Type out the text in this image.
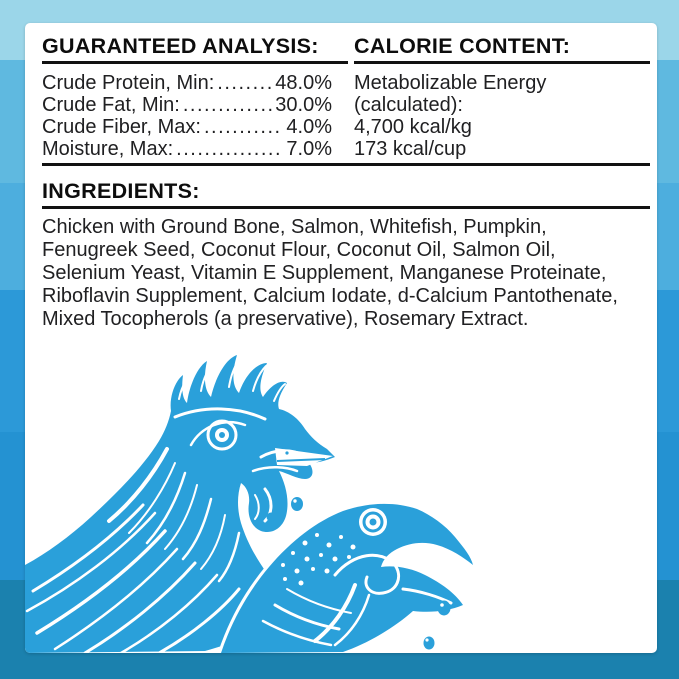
GUARANTEED ANALYSIS:
Crude Protein, Min: .....	48.0%
Crude Fat, Min: .....	30.0%
Crude Fiber, Max: .....	4.0%
Moisture, Max: .....	7.0%
CALORIE CONTENT:
Metabolizable Energy
(calculated):
4,700 kcal/kg
173 kcal/cup
INGREDIENTS:
Chicken with Ground Bone, Salmon, Whitefish, Pumpkin, Fenugreek Seed, Coconut Flour, Coconut Oil, Salmon Oil, Selenium Yeast, Vitamin E Supplement, Manganese Proteinate, Riboflavin Supplement, Calcium Iodate, d-Calcium Pantothenate, Mixed Tocopherols (a preservative), Rosemary Extract.
